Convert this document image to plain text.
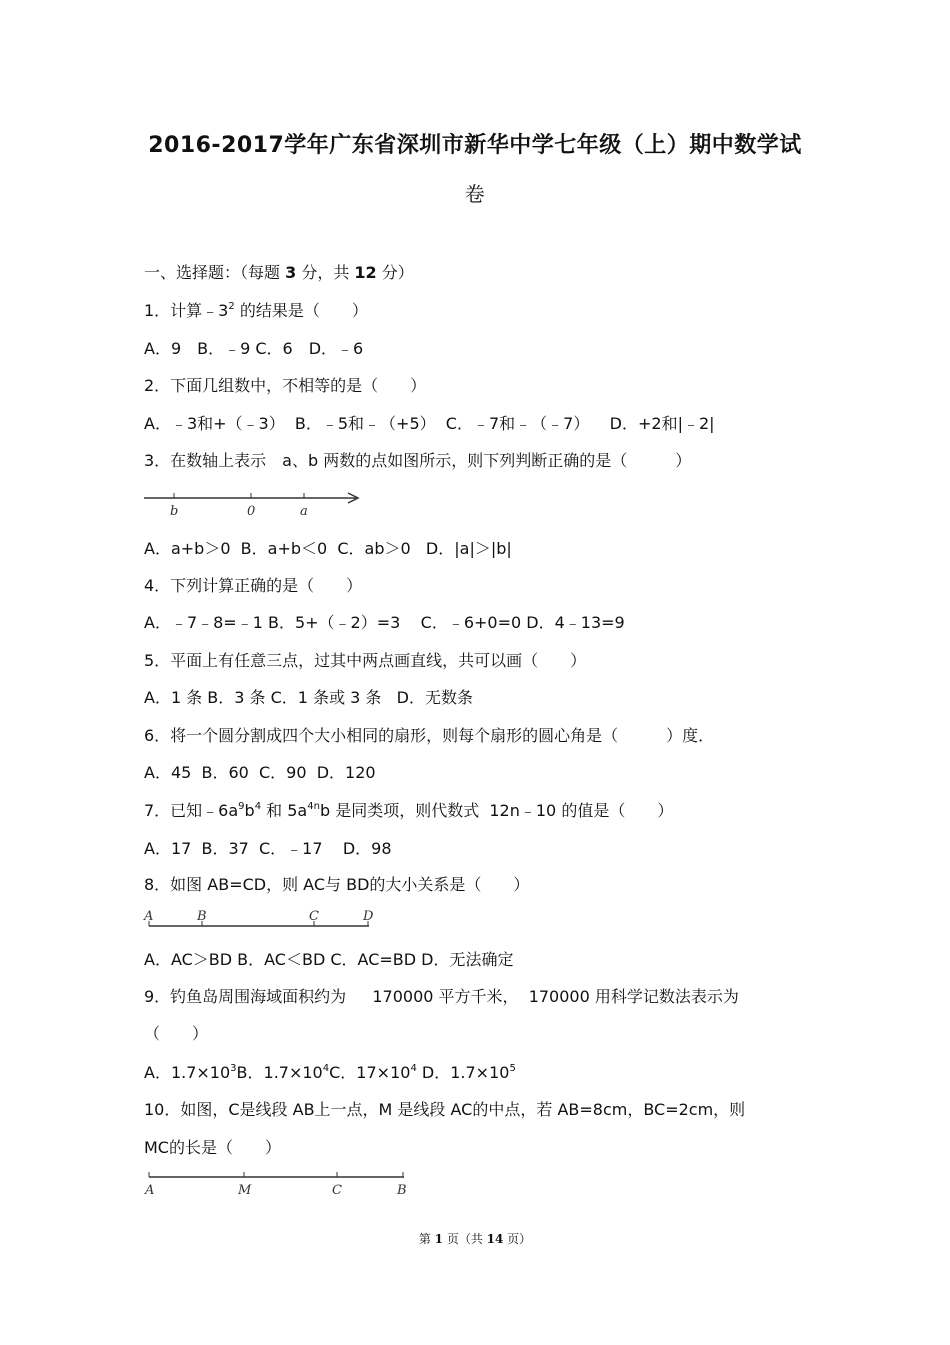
2016-2017学年广东省深圳市新华中学七年级（上）期中数学试
卷
一、选择题：（每题 3 分，共 12 分）
1．计算$﹣3^2$ 的结果是（　　）
A．9　B．﹣9 C．6　D．﹣6
2．下面几组数中，不相等的是（　　）
A．﹣3和+（﹣3）  B．﹣5和﹣（+5）  C．﹣7和﹣（﹣7）    D．+2和|﹣2|
3．在数轴上表示　a、b 两数的点如图所示，则下列判断正确的是（　　　）
b	0	a
A．a+b＞0  B．a+b＜0  C．ab＞0   D．|a|＞|b|
4．下列计算正确的是（　　）
A．﹣7﹣8=﹣1 B．5+（﹣2）=3    C．﹣6+0=0 D．4﹣13=9
5．平面上有任意三点，过其中两点画直线，共可以画（　　）
A．1 条 B．3 条 C．1 条或 3 条   D．无数条
6．将一个圆分割成四个大小相同的扇形，则每个扇形的圆心角是（　　　）度．
A．45  B．60  C．90  D．120
7．已知$﹣6a^9b^4$ 和 $5a^{4n}b$ 是同类项，则代数式  12n﹣10 的值是（　　）
A．17  B．37  C．﹣17    D．98
8．如图 AB=CD，则 AC与 BD的大小关系是（　　）
A	B	C	D
A．AC＞BD B．AC＜BD C．AC=BD D．无法确定
9．钓鱼岛周围海域面积约为　  170000 平方千米，  170000 用科学记数法表示为
（　　）
A．$1.7\times 10^3B$．$1.7\times 10^4C$．$17\times 10^4$ D．$1.7\times 10^5$
10．如图，C是线段 AB上一点，M 是线段 AC的中点，若 AB=8cm，BC=2cm，则
MC的长是（　　）
A	M	C	B
第 1 页（共 14 页）
